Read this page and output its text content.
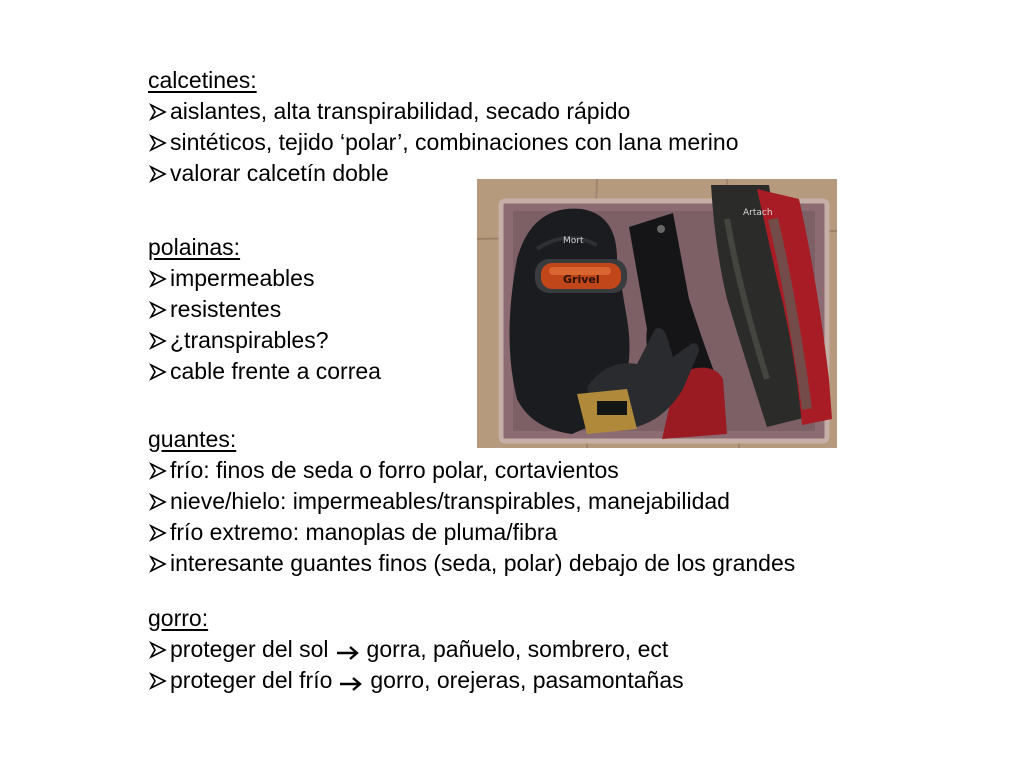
calcetines:
aislantes, alta transpirabilidad, secado rápido
sintéticos, tejido ‘polar’, combinaciones con lana merino
valorar calcetín doble
polainas:
impermeables
resistentes
¿transpirables?
cable frente a correa
guantes:
frío: finos de seda o forro polar, cortavientos
nieve/hielo: impermeables/transpirables, manejabilidad
frío extremo: manoplas de pluma/fibra
interesante guantes finos (seda, polar) debajo de los grandes
gorro:
proteger del sol gorra, pañuelo, sombrero, ect
proteger del frío gorro, orejeras, pasamontañas
Mort
Grivel
Artach
